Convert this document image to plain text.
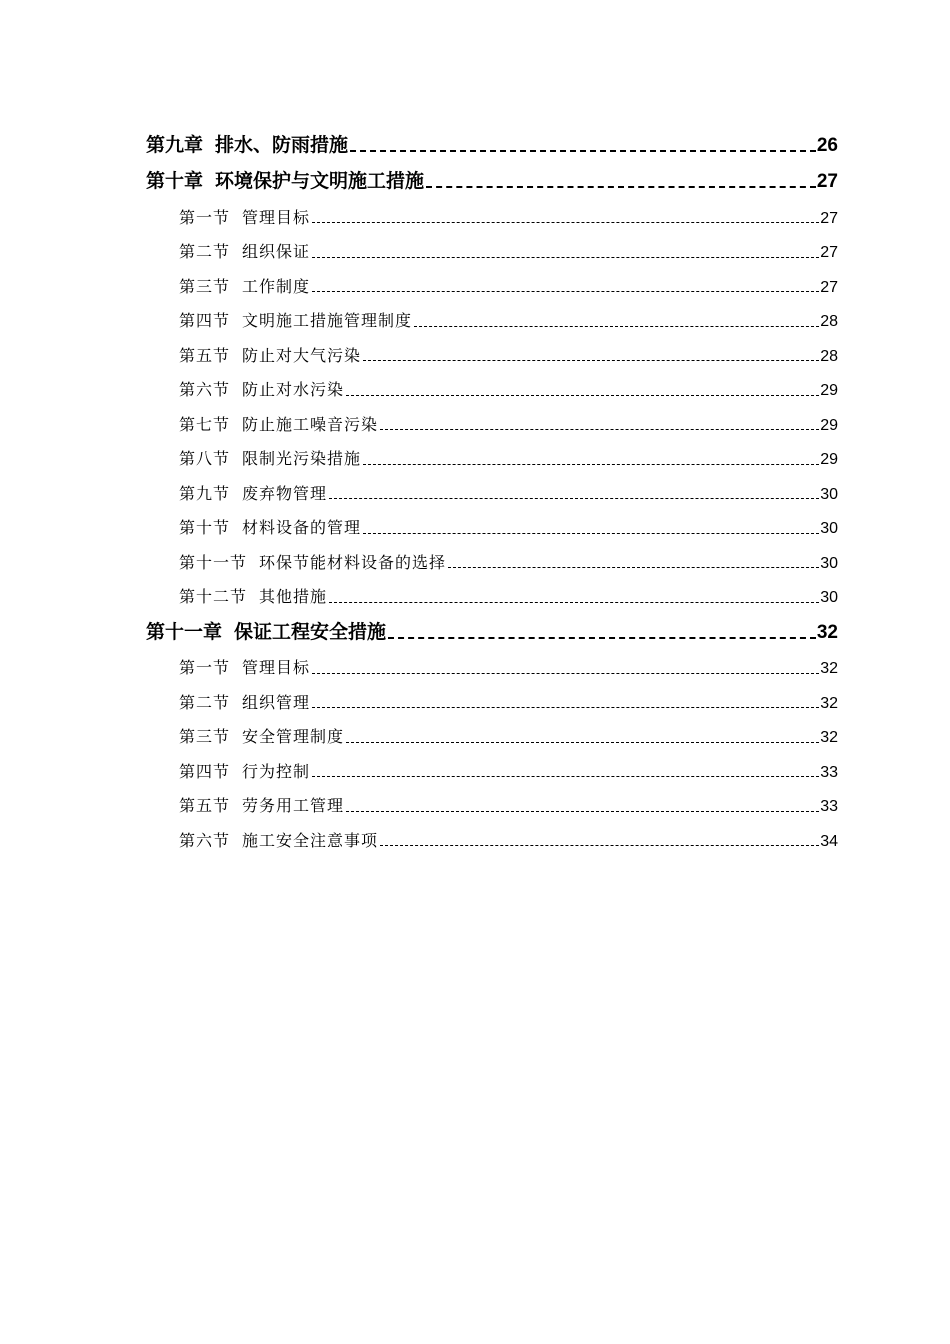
第九章 排水、防雨措施	26
第十章 环境保护与文明施工措施	27
第一节 管理目标	27
第二节 组织保证	27
第三节 工作制度	27
第四节 文明施工措施管理制度	28
第五节 防止对大气污染	28
第六节 防止对水污染	29
第七节 防止施工噪音污染	29
第八节 限制光污染措施	29
第九节 废弃物管理	30
第十节 材料设备的管理	30
第十一节 环保节能材料设备的选择	30
第十二节 其他措施	30
第十一章 保证工程安全措施	32
第一节 管理目标	32
第二节 组织管理	32
第三节 安全管理制度	32
第四节 行为控制	33
第五节 劳务用工管理	33
第六节 施工安全注意事项	34
